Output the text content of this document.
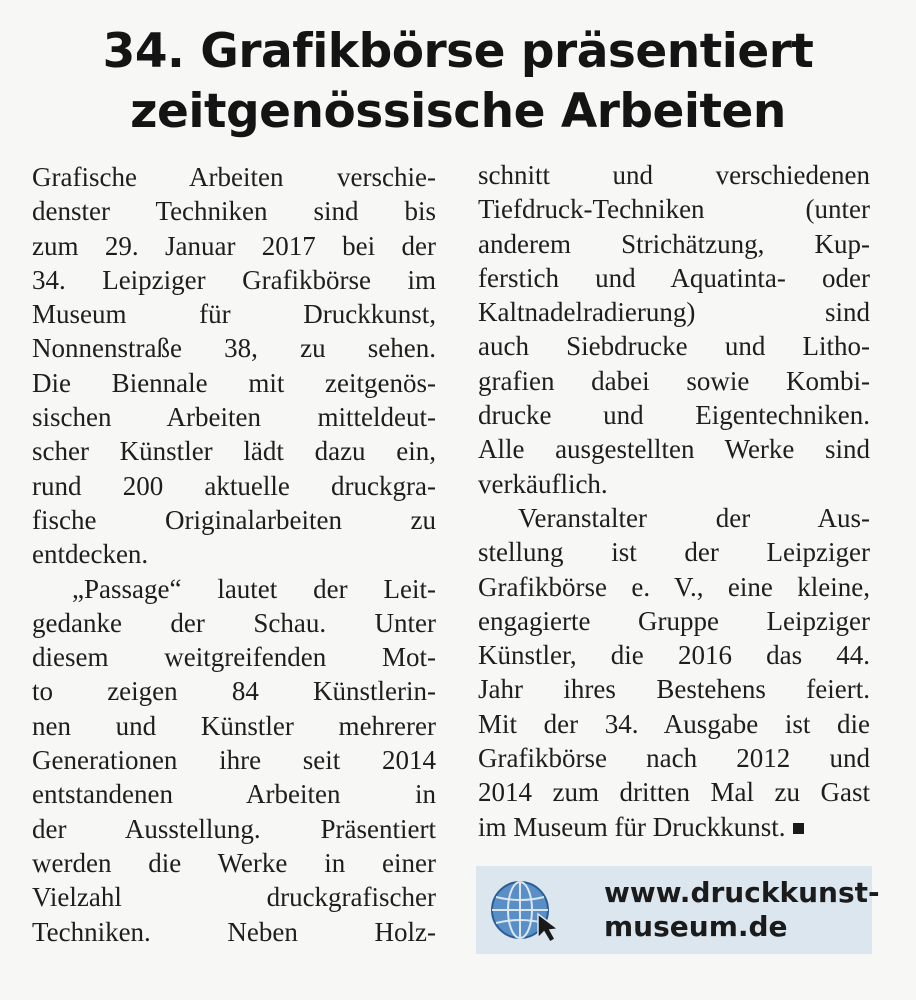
34. Grafikbörse präsentiert
zeitgenössische Arbeiten
Grafische Arbeiten verschie-
denster Techniken sind bis
zum 29. Januar 2017 bei der
34. Leipziger Grafikbörse im
Museum für Druckkunst,
Nonnenstraße 38, zu sehen.
Die Biennale mit zeitgenös-
sischen Arbeiten mitteldeut-
scher Künstler lädt dazu ein,
rund 200 aktuelle druckgra-
fische Originalarbeiten zu
entdecken.
„Passage“ lautet der Leit-
gedanke der Schau. Unter
diesem weitgreifenden Mot-
to zeigen 84 Künstlerin-
nen und Künstler mehrerer
Generationen ihre seit 2014
entstandenen Arbeiten in
der Ausstellung. Präsentiert
werden die Werke in einer
Vielzahl druckgrafischer
Techniken. Neben Holz-
schnitt und verschiedenen
Tiefdruck-Techniken (unter
anderem Strichätzung, Kup-
ferstich und Aquatinta- oder
Kaltnadelradierung) sind
auch Siebdrucke und Litho-
grafien dabei sowie Kombi-
drucke und Eigentechniken.
Alle ausgestellten Werke sind
verkäuflich.
Veranstalter der Aus-
stellung ist der Leipziger
Grafikbörse e. V., eine kleine,
engagierte Gruppe Leipziger
Künstler, die 2016 das 44.
Jahr ihres Bestehens feiert.
Mit der 34. Ausgabe ist die
Grafikbörse nach 2012 und
2014 zum dritten Mal zu Gast
im Museum für Druckkunst.
www.druckkunst-
museum.de
